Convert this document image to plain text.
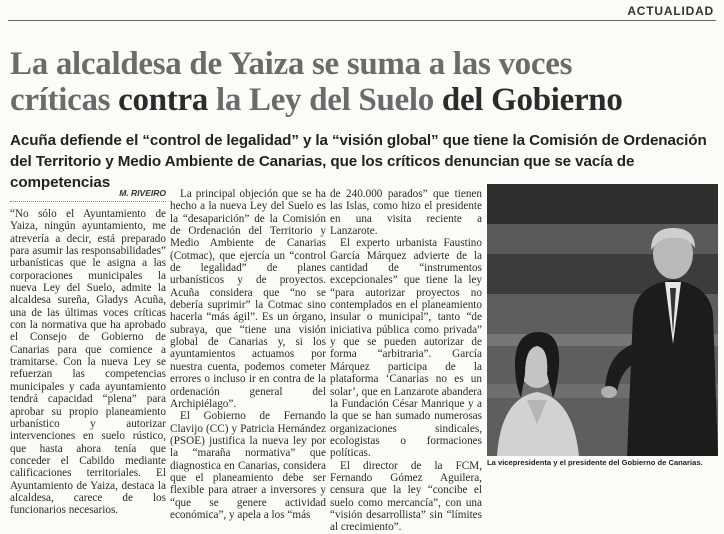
ACTUALIDAD
La alcaldesa de Yaiza se suma a las voces
críticas contra la Ley del Suelo del Gobierno
Acuña defiende el “control de legalidad” y la “visión global” que tiene la Comisión de Ordenación del Territorio y Medio Ambiente de Canarias, que los críticos denuncian que se vacía de competencias
M. RIVEIRO

“No sólo el Ayuntamiento de Yaiza, ningún ayuntamiento, me atrevería a decir, está preparado para asumir las responsabilidades” urbanísticas que le asigna a las corporaciones municipales la nueva Ley del Suelo, admite la alcaldesa sureña, Gladys Acuña, una de las últimas voces críticas con la normativa que ha aprobado el Consejo de Gobierno de Canarias para que comience a tramitarse. Con la nueva Ley se refuerzan las competencias municipales y cada ayuntamiento tendrá capacidad “plena” para aprobar su propio planeamiento urbanístico y autorizar intervenciones en suelo rústico, que hasta ahora tenía que conceder el Cabildo mediante calificaciones territoriales. El Ayuntamiento de Yaiza, destaca la alcaldesa, carece de los funcionarios necesarios.

La principal objeción que se ha hecho a la nueva Ley del Suelo es la “desaparición” de la Comisión de Ordenación del Territorio y Medio Ambiente de Canarias (Cotmac), que ejercía un “control de legalidad” de planes urbanísticos y de proyectos. Acuña considera que “no se debería suprimir” la Cotmac sino hacerla “más ágil”. Es un órgano, subraya, que “tiene una visión global de Canarias y, si los ayuntamientos actuamos por nuestra cuenta, podemos cometer errores o incluso ir en contra de la ordenación general del Archipiélago”.

El Gobierno de Fernando Clavijo (CC) y Patricia Hernández (PSOE) justifica la nueva ley por la “maraña normativa” que diagnostica en Canarias, considera que el planeamiento debe ser flexible para atraer a inversores y “que se genere actividad económica”, y apela a los “más

de 240.000 parados” que tienen las Islas, como hizo el presidente en una visita reciente a Lanzarote.

El experto urbanista Faustino García Márquez advierte de la cantidad de “instrumentos excepcionales” que tiene la ley “para autorizar proyectos no contemplados en el planeamiento insular o municipal”, tanto “de iniciativa pública como privada” y que se pueden autorizar de forma “arbitraria”. García Márquez participa de la plataforma ‘Canarias no es un solar’, que en Lanzarote abandera la Fundación César Manrique y a la que se han sumado numerosas organizaciones sindicales, ecologistas o formaciones políticas.

El director de la FCM, Fernando Gómez Aguilera, censura que la ley “concibe el suelo como mercancía”, con una “visión desarrollista” sin “límites al crecimiento”.

La vicepresidenta y el presidente del Gobierno de Canarias.
